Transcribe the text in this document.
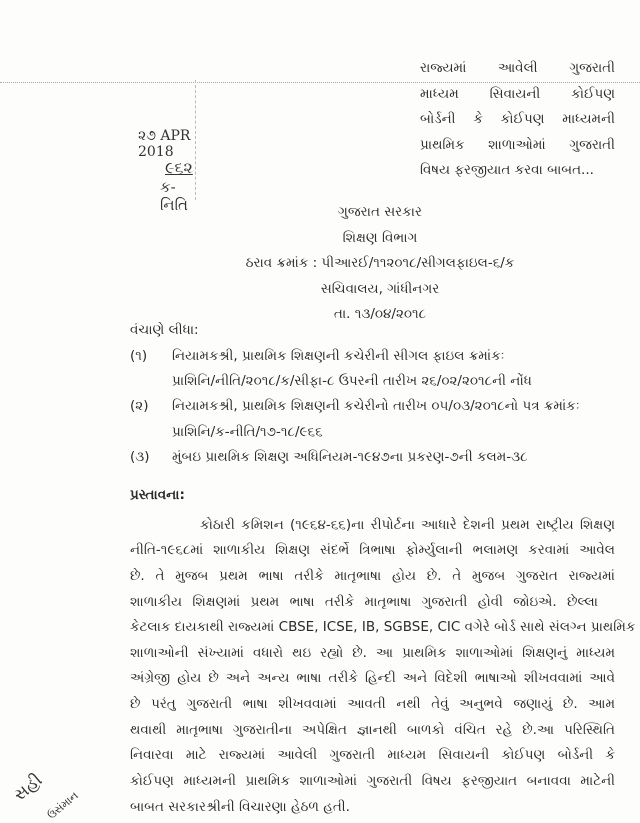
૨૭ APR 2018
૯૬૨
ક-નિતિ
રાજ્યમાં આવેલી ગુજરાતી
માધ્યમ સિવાયની કોઈપણ
બોર્ડની કે કોઈપણ માધ્યમની
પ્રાથમિક શાળાઓમાં ગુજરાતી
વિષય ફરજીયાત કરવા બાબત...
ગુજરાત સરકાર
શિક્ષણ વિભાગ
ઠરાવ ક્રમાંક : પીઆરઈ/૧૧૨૦૧૮/સીગલફાઇલ-૬/ક
સચિવાલય, ગાંધીનગર
તા. ૧૩/૦૪/૨૦૧૮
વંચાણે લીધા:
(૧) નિયામકશ્રી, પ્રાથમિક શિક્ષણની કચેરીની સીગલ ફાઇલ ક્રમાંકઃ
પ્રાશિનિ/નીતિ/૨૦૧૮/ક/સીફા-૮ ઉપરની તારીખ ૨૬/૦૨/૨૦૧૮ની નોંધ
(૨) નિયામકશ્રી, પ્રાથમિક શિક્ષણની કચેરીનો તારીખ ૦૫/૦૩/૨૦૧૮નો પત્ર ક્રમાંકઃ
પ્રાશિનિ/ક-નીતિ/૧૭-૧૮/૯૬૬
(૩) મુંબઇ પ્રાથમિક શિક્ષણ અધિનિયમ-૧૯૪૭ના પ્રકરણ-૭ની કલમ-૩૮
પ્રસ્તાવના:
કોઠારી કમિશન (૧૯૬૪-૬૬)ના રીપોર્ટના આધારે દેશની પ્રથમ રાષ્ટ્રીય શિક્ષણ
નીતિ-૧૯૬૮માં શાળાકીય શિક્ષણ સંદર્ભે ત્રિભાષા ફોર્મ્યુલાની ભલામણ કરવામાં આવેલ
છે. તે મુજબ પ્રથમ ભાષા તરીકે માતૃભાષા હોય છે. તે મુજબ ગુજરાત રાજ્યમાં
શાળાકીય શિક્ષણમાં પ્રથમ ભાષા તરીકે માતૃભાષા ગુજરાતી હોવી જોઇએ. છેલ્લા
કેટલાક દાયકાથી રાજ્યમાં CBSE, ICSE, IB, SGBSE, CIC વગેરે બોર્ડ સાથે સંલગ્ન પ્રાથમિક
શાળાઓની સંખ્યામાં વધારો થઇ રહ્યો છે. આ પ્રાથમિક શાળાઓમાં શિક્ષણનું માધ્યમ
અંગ્રેજી હોય છે અને અન્ય ભાષા તરીકે હિન્દી અને વિદેશી ભાષાઓ શીખવવામાં આવે
છે પરંતુ ગુજરાતી ભાષા શીખવવામાં આવતી નથી તેવું અનુભવે જણાયું છે. આમ
થવાથી માતૃભાષા ગુજરાતીના અપેક્ષિત જ્ઞાનથી બાળકો વંચિત રહે છે.આ પરિસ્થિતિ
નિવારવા માટે રાજ્યમાં આવેલી ગુજરાતી માધ્યમ સિવાયની કોઈપણ બોર્ડની કે
કોઈપણ માધ્યમની પ્રાથમિક શાળાઓમાં ગુજરાતી વિષય ફરજીયાત બનાવવા માટેની
બાબત સરકારશ્રીની વિચારણા હેઠળ હતી.
સહી
ઉસંમાન
